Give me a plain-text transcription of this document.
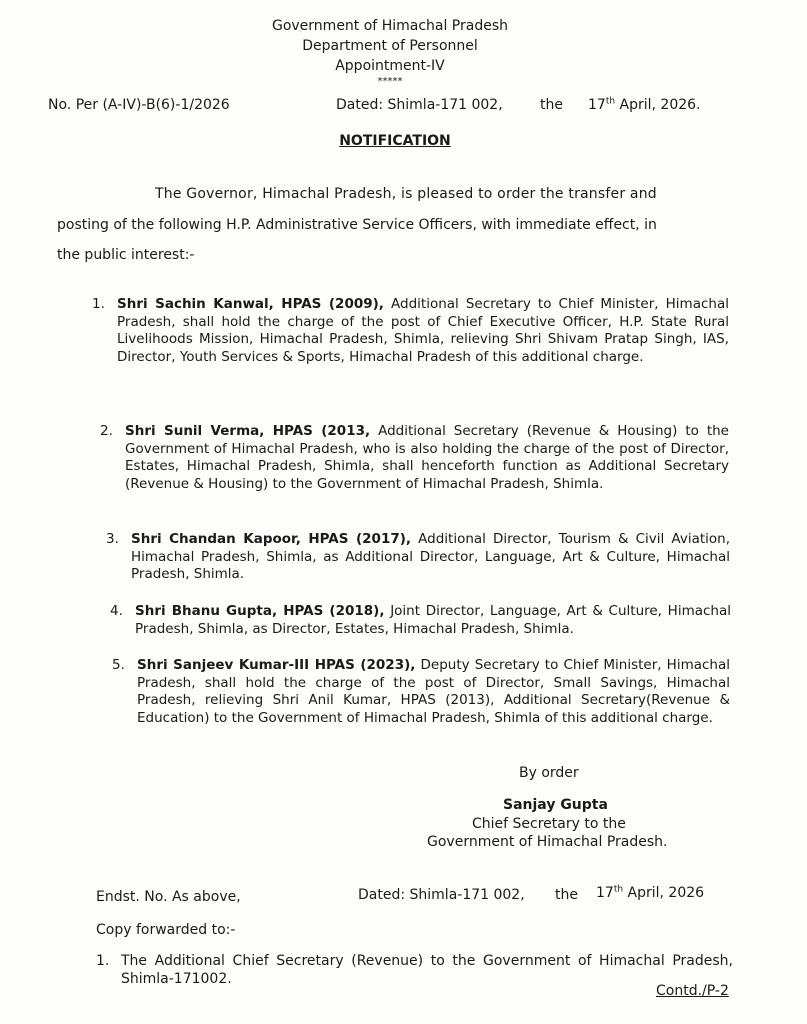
Government of Himachal Pradesh
Department of Personnel
Appointment-IV
*****
No. Per (A-IV)-B(6)-1/2026	Dated: Shimla-171 002,	the 17th April, 2026.
NOTIFICATION
The Governor, Himachal Pradesh, is pleased to order the transfer and
posting of the following H.P. Administrative Service Officers, with immediate effect, in
the public interest:-
1. Shri Sachin Kanwal, HPAS (2009), Additional Secretary to Chief Minister, Himachal Pradesh, shall hold the charge of the post of Chief Executive Officer, H.P. State Rural Livelihoods Mission, Himachal Pradesh, Shimla, relieving Shri Shivam Pratap Singh, IAS, Director, Youth Services & Sports, Himachal Pradesh of this additional charge.
2. Shri Sunil Verma, HPAS (2013, Additional Secretary (Revenue & Housing) to the Government of Himachal Pradesh, who is also holding the charge of the post of Director, Estates, Himachal Pradesh, Shimla, shall henceforth function as Additional Secretary (Revenue & Housing) to the Government of Himachal Pradesh, Shimla.
3. Shri Chandan Kapoor, HPAS (2017), Additional Director, Tourism & Civil Aviation, Himachal Pradesh, Shimla, as Additional Director, Language, Art & Culture, Himachal Pradesh, Shimla.
4. Shri Bhanu Gupta, HPAS (2018), Joint Director, Language, Art & Culture, Himachal Pradesh, Shimla, as Director, Estates, Himachal Pradesh, Shimla.
5. Shri Sanjeev Kumar-III HPAS (2023), Deputy Secretary to Chief Minister, Himachal Pradesh, shall hold the charge of the post of Director, Small Savings, Himachal Pradesh, relieving Shri Anil Kumar, HPAS (2013), Additional Secretary(Revenue & Education) to the Government of Himachal Pradesh, Shimla of this additional charge.
By order
Sanjay Gupta
Chief Secretary to the
Government of Himachal Pradesh.
Endst. No. As above,	Dated: Shimla-171 002, the 17th April, 2026
Copy forwarded to:-
1. The Additional Chief Secretary (Revenue) to the Government of Himachal Pradesh, Shimla-171002.
Contd./P-2
